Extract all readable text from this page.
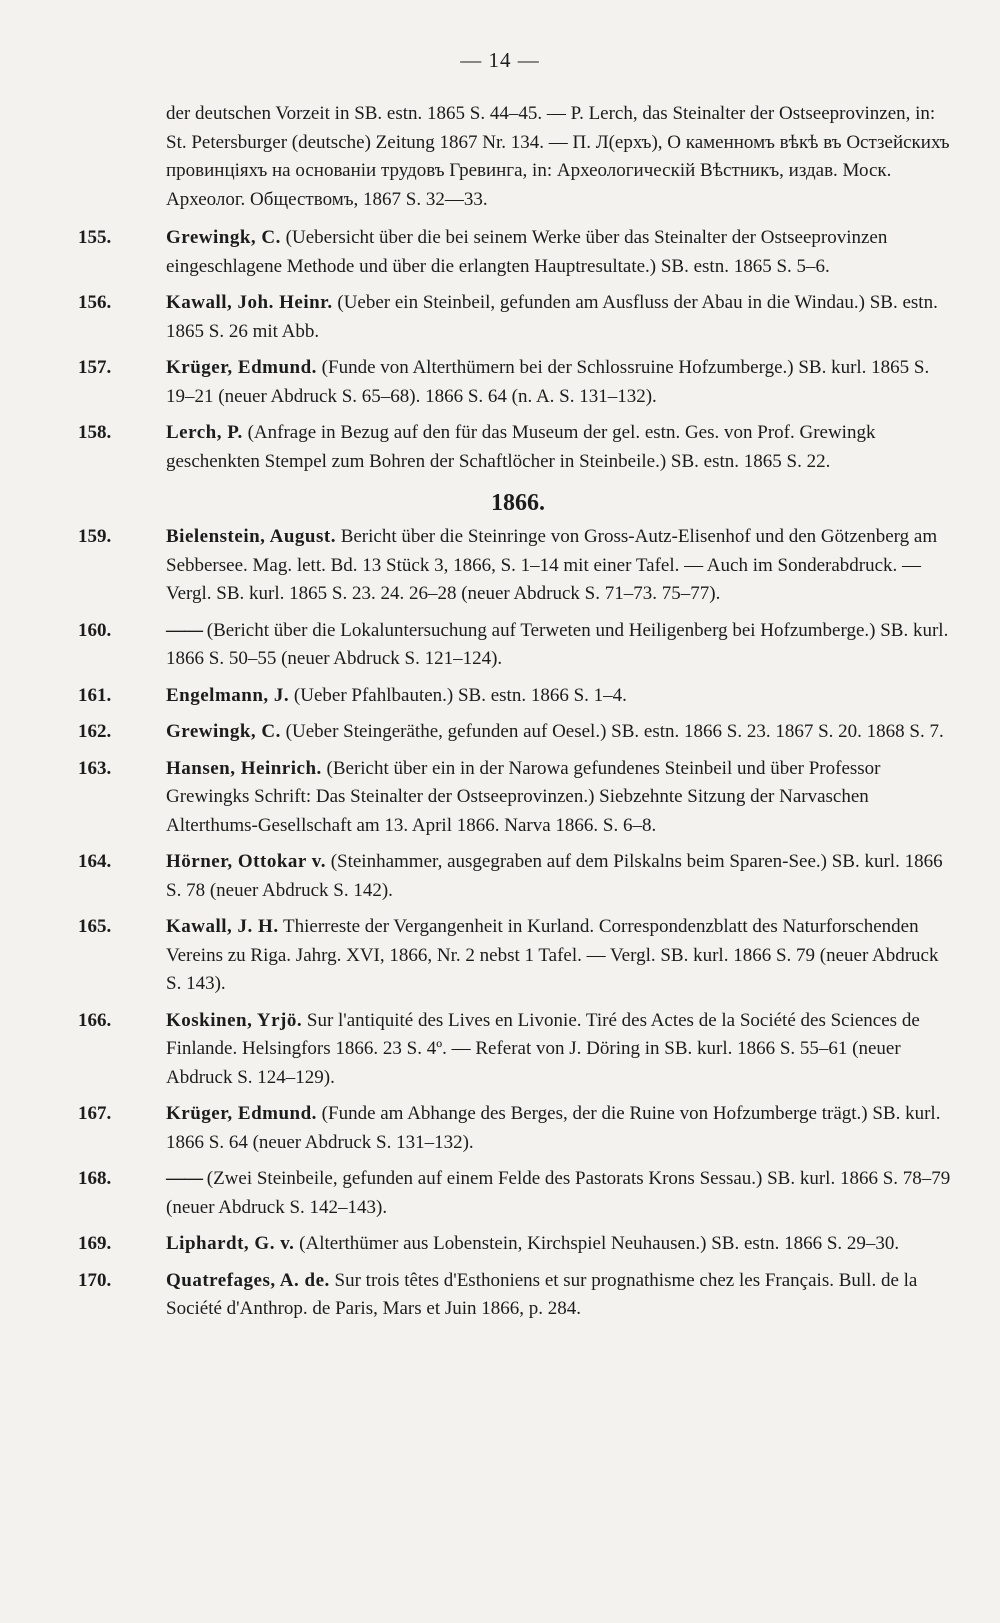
— 14 —
der deutschen Vorzeit in SB. estn. 1865 S. 44–45. — P. Lerch, das Steinalter der Ostseeprovinzen, in: St. Petersburger (deutsche) Zeitung 1867 Nr. 134. — П. Л(ерхъ), О каменномъ вѣкѣ въ Остзейскихъ провинціяхъ на основаніи трудовъ Гревинга, in: Археологическій Вѣстникъ, издав. Моск. Археолог. Обществомъ, 1867 S. 32—33.
155.	Grewingk, C. (Uebersicht über die bei seinem Werke über das Steinalter der Ostseeprovinzen eingeschlagene Methode und über die erlangten Hauptresultate.) SB. estn. 1865 S. 5–6.
156.	Kawall, Joh. Heinr. (Ueber ein Steinbeil, gefunden am Ausfluss der Abau in die Windau.) SB. estn. 1865 S. 26 mit Abb.
157.	Krüger, Edmund. (Funde von Alterthümern bei der Schlossruine Hofzumberge.) SB. kurl. 1865 S. 19–21 (neuer Abdruck S. 65–68). 1866 S. 64 (n. A. S. 131–132).
158.	Lerch, P. (Anfrage in Bezug auf den für das Museum der gel. estn. Ges. von Prof. Grewingk geschenkten Stempel zum Bohren der Schaftlöcher in Steinbeile.) SB. estn. 1865 S. 22.
1866.
159.	Bielenstein, August. Bericht über die Steinringe von Gross-Autz-Elisenhof und den Götzenberg am Sebbersee. Mag. lett. Bd. 13 Stück 3, 1866, S. 1–14 mit einer Tafel. — Auch im Sonderabdruck. — Vergl. SB. kurl. 1865 S. 23. 24. 26–28 (neuer Abdruck S. 71–73. 75–77).
160.	—— (Bericht über die Lokaluntersuchung auf Terweten und Heiligenberg bei Hofzumberge.) SB. kurl. 1866 S. 50–55 (neuer Abdruck S. 121–124).
161.	Engelmann, J. (Ueber Pfahlbauten.) SB. estn. 1866 S. 1–4.
162.	Grewingk, C. (Ueber Steingeräthe, gefunden auf Oesel.) SB. estn. 1866 S. 23. 1867 S. 20. 1868 S. 7.
163.	Hansen, Heinrich. (Bericht über ein in der Narowa gefundenes Steinbeil und über Professor Grewingks Schrift: Das Steinalter der Ostseeprovinzen.) Siebzehnte Sitzung der Narvaschen Alterthums-Gesellschaft am 13. April 1866. Narva 1866. S. 6–8.
164.	Hörner, Ottokar v. (Steinhammer, ausgegraben auf dem Pilskalns beim Sparen-See.) SB. kurl. 1866 S. 78 (neuer Abdruck S. 142).
165.	Kawall, J. H. Thierreste der Vergangenheit in Kurland. Correspondenzblatt des Naturforschenden Vereins zu Riga. Jahrg. XVI, 1866, Nr. 2 nebst 1 Tafel. — Vergl. SB. kurl. 1866 S. 79 (neuer Abdruck S. 143).
166.	Koskinen, Yrjö. Sur l'antiquité des Lives en Livonie. Tiré des Actes de la Société des Sciences de Finlande. Helsingfors 1866. 23 S. 4º. — Referat von J. Döring in SB. kurl. 1866 S. 55–61 (neuer Abdruck S. 124–129).
167.	Krüger, Edmund. (Funde am Abhange des Berges, der die Ruine von Hofzumberge trägt.) SB. kurl. 1866 S. 64 (neuer Abdruck S. 131–132).
168.	—— (Zwei Steinbeile, gefunden auf einem Felde des Pastorats Krons Sessau.) SB. kurl. 1866 S. 78–79 (neuer Abdruck S. 142–143).
169.	Liphardt, G. v. (Alterthümer aus Lobenstein, Kirchspiel Neuhausen.) SB. estn. 1866 S. 29–30.
170.	Quatrefages, A. de. Sur trois têtes d'Esthoniens et sur prognathisme chez les Français. Bull. de la Société d'Anthrop. de Paris, Mars et Juin 1866, p. 284.
